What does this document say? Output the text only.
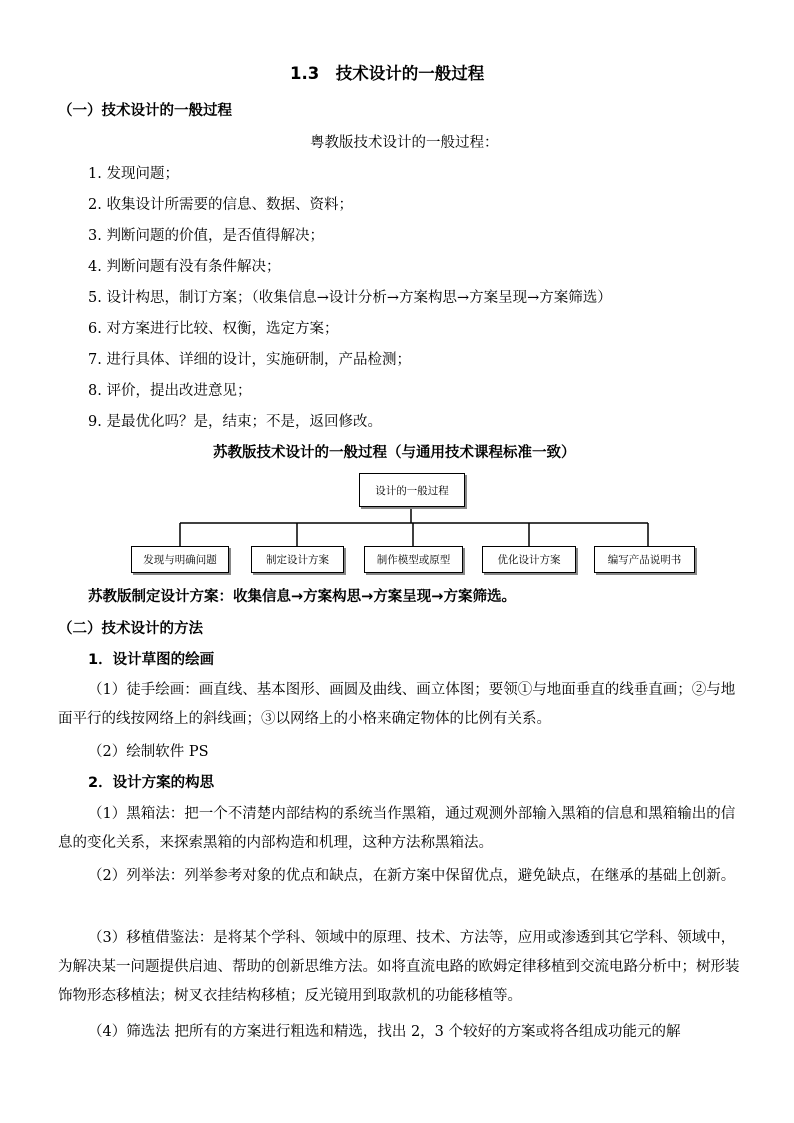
1.3　技术设计的一般过程
（一）技术设计的一般过程
粤教版技术设计的一般过程：
1. 发现问题；
2. 收集设计所需要的信息、数据、资料；
3. 判断问题的价值，是否值得解决；
4. 判断问题有没有条件解决；
5. 设计构思，制订方案；（收集信息→设计分析→方案构思→方案呈现→方案筛选）
6. 对方案进行比较、权衡，选定方案；
7. 进行具体、详细的设计，实施研制，产品检测；
8. 评价，提出改进意见；
9. 是最优化吗？是，结束；不是，返回修改。
苏教版技术设计的一般过程（与通用技术课程标准一致）
设计的一般过程
发现与明确问题	制定设计方案	制作模型或原型	优化设计方案	编写产品说明书
苏教版制定设计方案：收集信息→方案构思→方案呈现→方案筛选。
（二）技术设计的方法
1．设计草图的绘画
（1）徒手绘画：画直线、基本图形、画圆及曲线、画立体图；要领①与地面垂直的线垂直画；②与地面平行的线按网络上的斜线画；③以网络上的小格来确定物体的比例有关系。
（2）绘制软件 PS
2．设计方案的构思
（1）黑箱法：把一个不清楚内部结构的系统当作黑箱，通过观测外部输入黑箱的信息和黑箱输出的信息的变化关系，来探索黑箱的内部构造和机理，这种方法称黑箱法。
（2）列举法：列举参考对象的优点和缺点，在新方案中保留优点，避免缺点，在继承的基础上创新。
（3）移植借鉴法：是将某个学科、领域中的原理、技术、方法等，应用或渗透到其它学科、领域中，为解决某一问题提供启迪、帮助的创新思维方法。如将直流电路的欧姆定律移植到交流电路分析中；树形装饰物形态移植法；树叉衣挂结构移植；反光镜用到取款机的功能移植等。
（4）筛选法 把所有的方案进行粗选和精选，找出 2，3 个较好的方案或将各组成功能元的解
